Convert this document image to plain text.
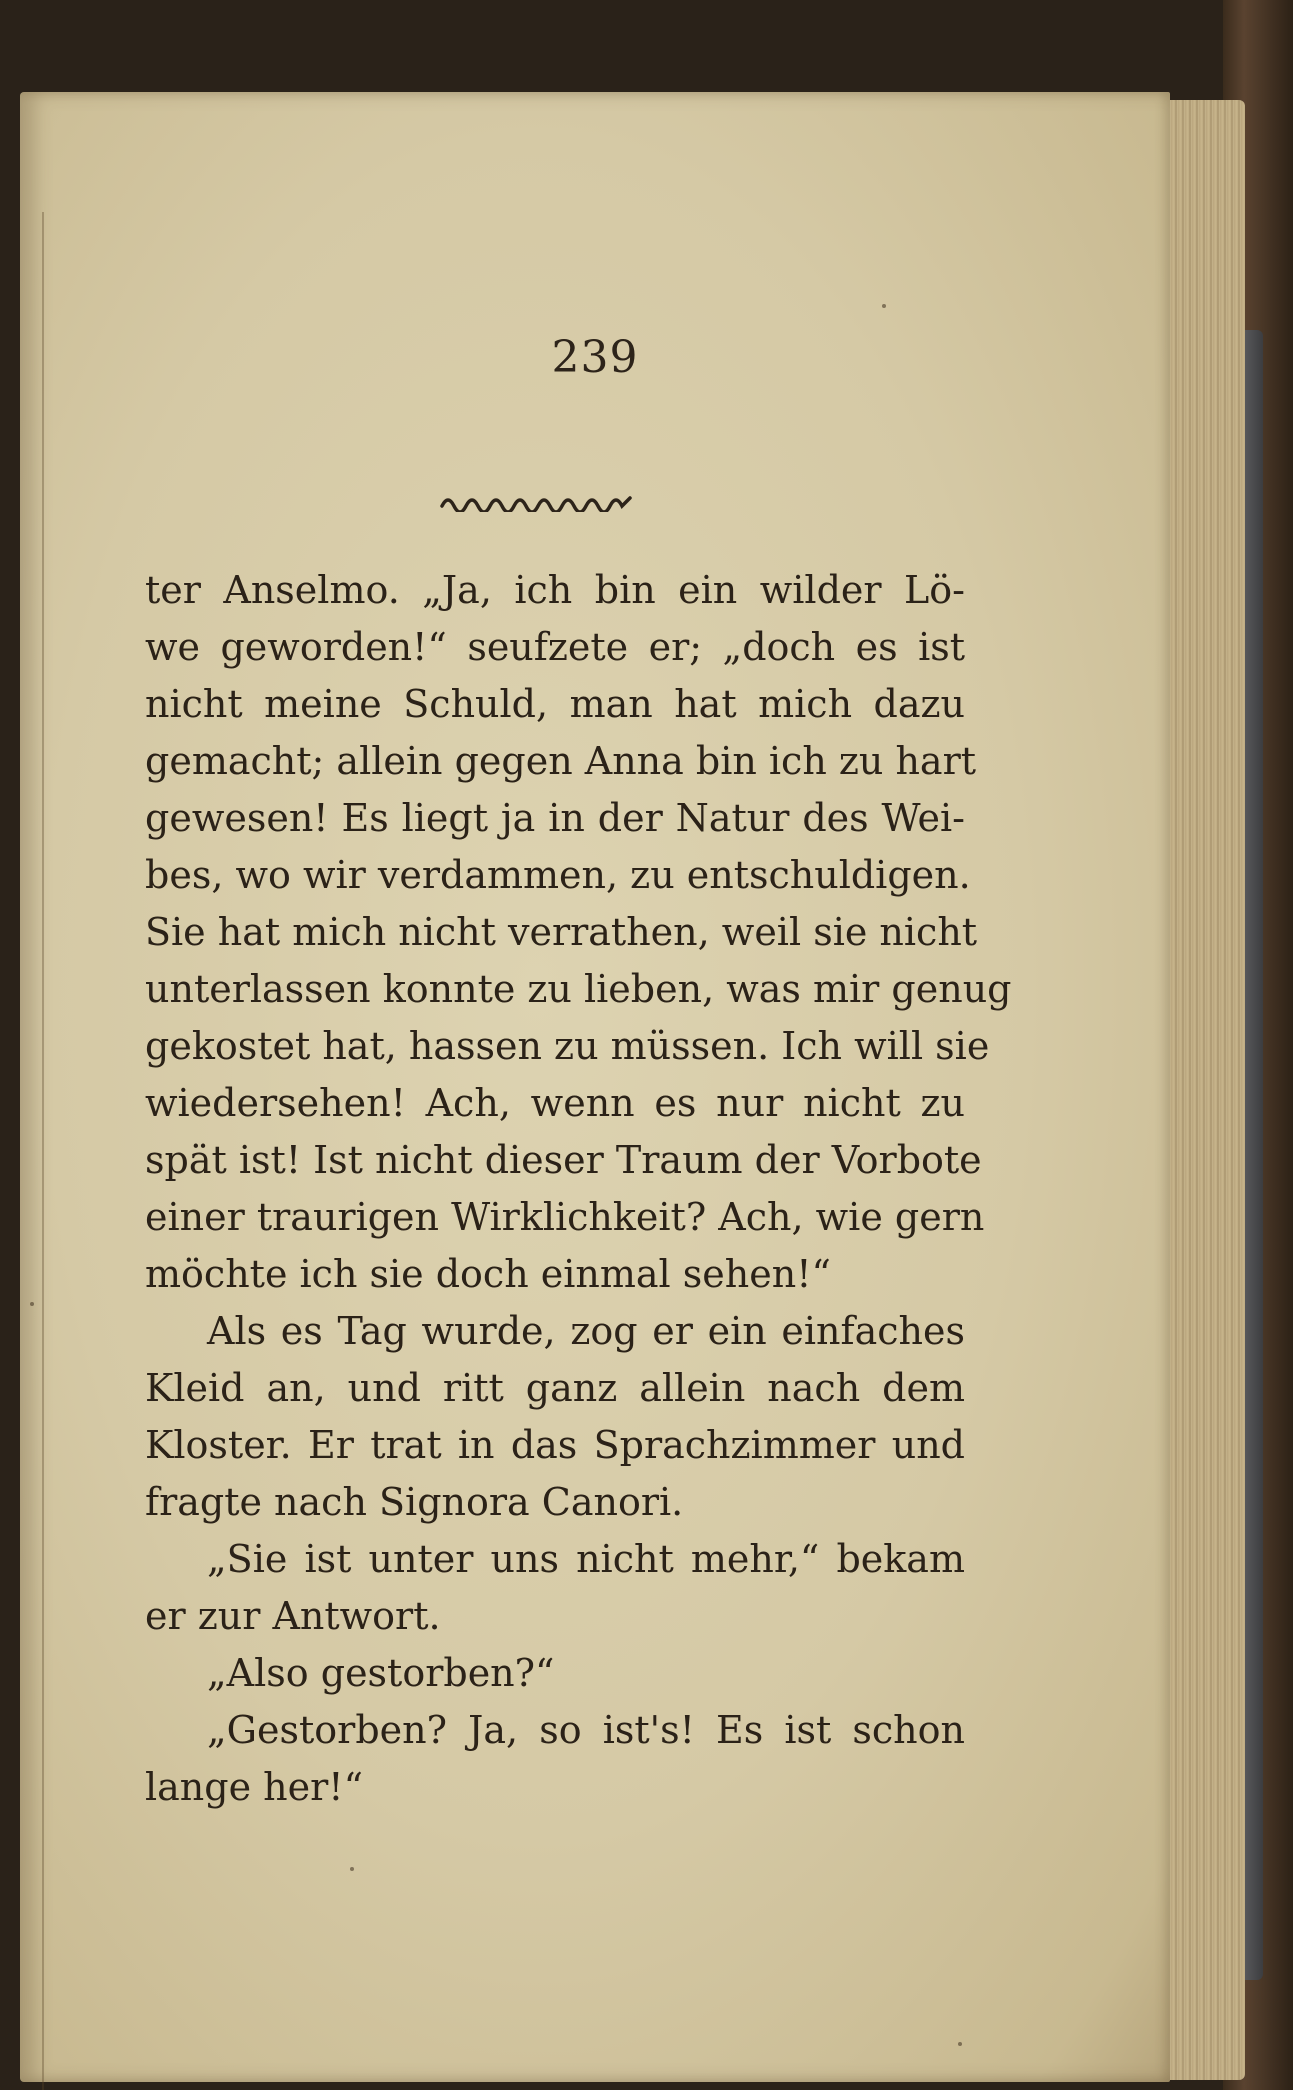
239
ter Anselmo. „Ja, ich bin ein wilder Lö-
we geworden!“ seufzete er; „doch es ist
nicht meine Schuld, man hat mich dazu
gemacht; allein gegen Anna bin ich zu hart
gewesen! Es liegt ja in der Natur des Wei-
bes, wo wir verdammen, zu entschuldigen.
Sie hat mich nicht verrathen, weil sie nicht
unterlassen konnte zu lieben, was mir genug
gekostet hat, hassen zu müssen. Ich will sie
wiedersehen! Ach, wenn es nur nicht zu
spät ist! Ist nicht dieser Traum der Vorbote
einer traurigen Wirklichkeit? Ach, wie gern
möchte ich sie doch einmal sehen!“
Als es Tag wurde, zog er ein einfaches
Kleid an, und ritt ganz allein nach dem
Kloster. Er trat in das Sprachzimmer und
fragte nach Signora Canori.
„Sie ist unter uns nicht mehr,“ bekam
er zur Antwort.
„Also gestorben?“
„Gestorben? Ja, so ist's! Es ist schon
lange her!“
